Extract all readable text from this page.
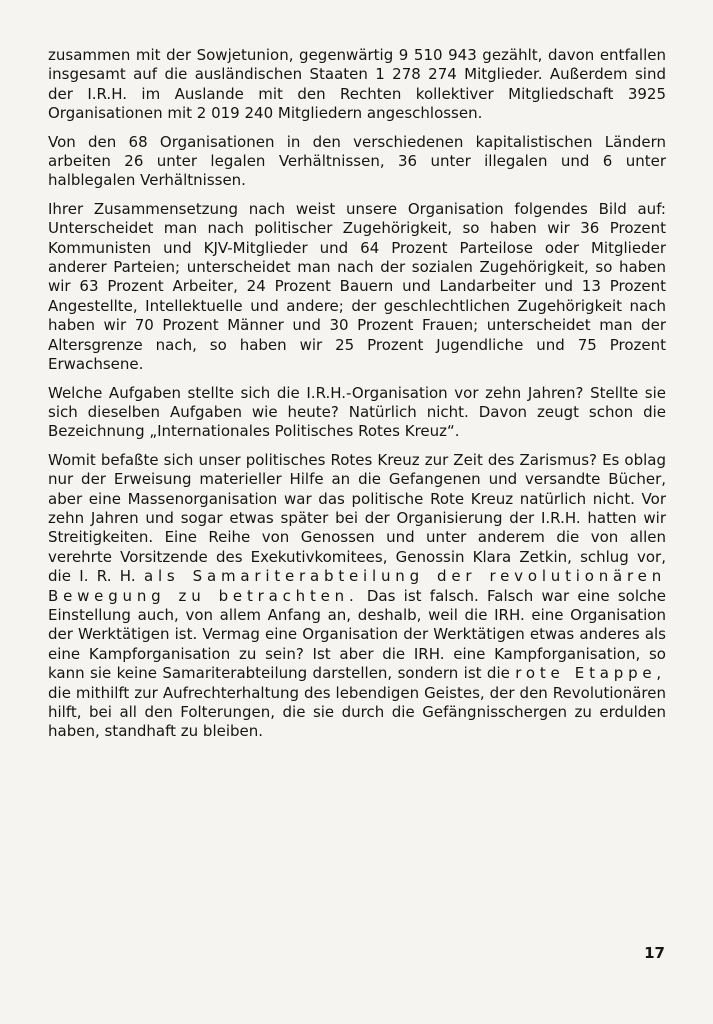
zusammen mit der Sowjetunion, gegenwärtig 9 510 943 gezählt, davon entfallen insgesamt auf die ausländischen Staaten 1 278 274 Mitglieder. Außerdem sind der I.R.H. im Auslande mit den Rechten kollektiver Mitgliedschaft 3925 Organisationen mit 2 019 240 Mitgliedern angeschlossen.

Von den 68 Organisationen in den verschiedenen kapitalistischen Ländern arbeiten 26 unter legalen Verhältnissen, 36 unter illegalen und 6 unter halblegalen Verhältnissen.

Ihrer Zusammensetzung nach weist unsere Organisation folgendes Bild auf: Unterscheidet man nach politischer Zugehörigkeit, so haben wir 36 Prozent Kommunisten und KJV-Mitglieder und 64 Prozent Parteilose oder Mitglieder anderer Parteien; unterscheidet man nach der sozialen Zugehörigkeit, so haben wir 63 Prozent Arbeiter, 24 Prozent Bauern und Landarbeiter und 13 Prozent Angestellte, Intellektuelle und andere; der geschlechtlichen Zugehörigkeit nach haben wir 70 Prozent Männer und 30 Prozent Frauen; unterscheidet man der Altersgrenze nach, so haben wir 25 Prozent Jugendliche und 75 Prozent Erwachsene.

Welche Aufgaben stellte sich die I.R.H.-Organisation vor zehn Jahren? Stellte sie sich dieselben Aufgaben wie heute? Natürlich nicht. Davon zeugt schon die Bezeichnung „Internationales Politisches Rotes Kreuz“.

Womit befaßte sich unser politisches Rotes Kreuz zur Zeit des Zarismus? Es oblag nur der Erweisung materieller Hilfe an die Gefangenen und versandte Bücher, aber eine Massenorganisation war das politische Rote Kreuz natürlich nicht. Vor zehn Jahren und sogar etwas später bei der Organisierung der I.R.H. hatten wir Streitigkeiten. Eine Reihe von Genossen und unter anderem die von allen verehrte Vorsitzende des Exekutivkomitees, Genossin Klara Zetkin, schlug vor, die I. R. H. als Samariterabteilung der revolutionären Bewegung zu betrachten. Das ist falsch. Falsch war eine solche Einstellung auch, von allem Anfang an, deshalb, weil die IRH. eine Organisation der Werktätigen ist. Vermag eine Organisation der Werktätigen etwas anderes als eine Kampforganisation zu sein? Ist aber die IRH. eine Kampforganisation, so kann sie keine Samariterabteilung darstellen, sondern ist die rote Etappe, die mithilft zur Aufrechterhaltung des lebendigen Geistes, der den Revolutionären hilft, bei all den Folterungen, die sie durch die Gefängnisschergen zu erdulden haben, standhaft zu bleiben.

17
